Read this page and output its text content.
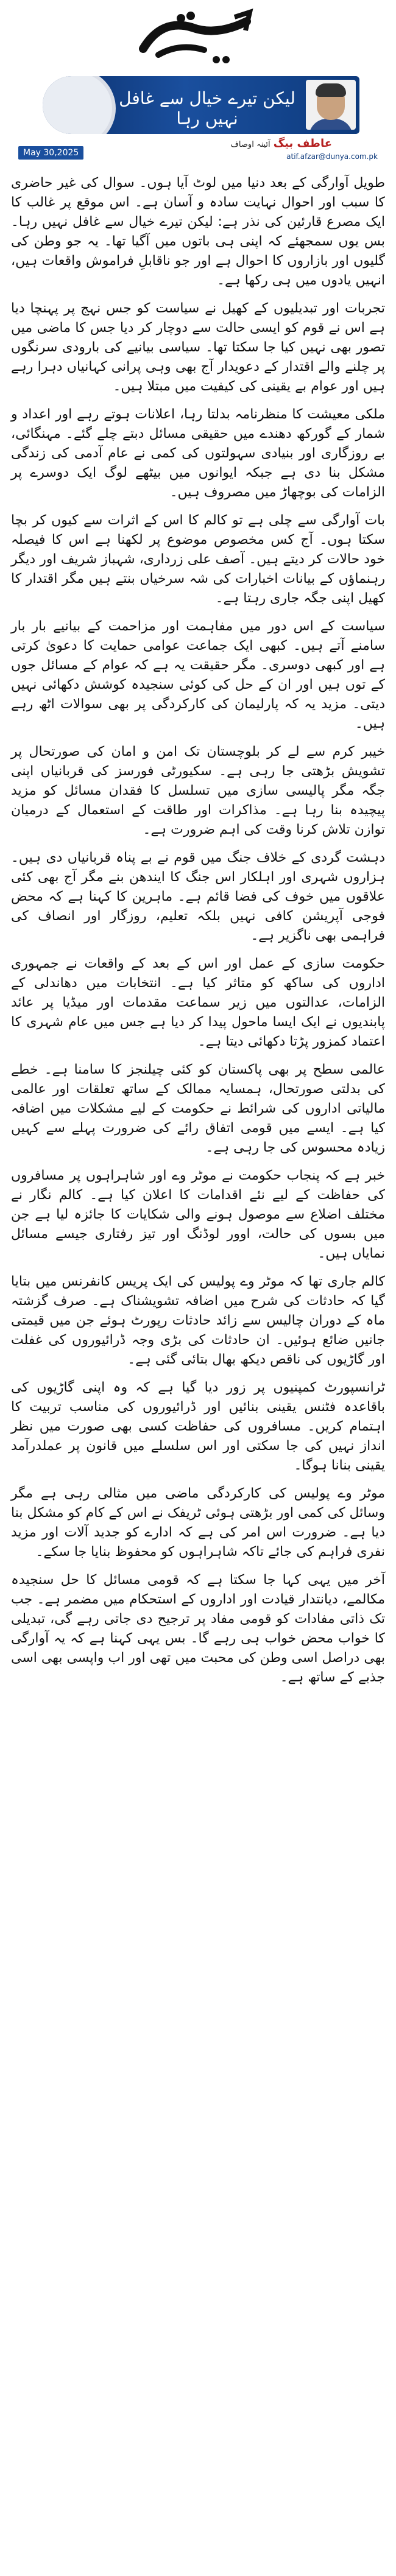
لیکن تیرے خیال سے غافل نہیں رہا
عاطف بیگ آئینہ اوصاف
atif.afzar@dunya.com.pk
May 30,2025

طویل آوارگی کے بعد دنیا میں لوٹ آیا ہوں۔ سوال کی غیر حاضری کا سبب اور احوال نہایت سادہ و آسان ہے۔ اس موقع پر غالب کا ایک مصرع قارئین کی نذر ہے: لیکن تیرے خیال سے غافل نہیں رہا۔ بس یوں سمجھئے کہ اپنی ہی باتوں میں آگیا تھا۔ یہ جو وطن کی گلیوں اور بازاروں کا احوال ہے اور جو ناقابلِ فراموش واقعات ہیں، انہیں یادوں میں ہی رکھا ہے۔

تجربات اور تبدیلیوں کے کھیل نے سیاست کو جس نہج پر پہنچا دیا ہے اس نے قوم کو ایسی حالت سے دوچار کر دیا جس کا ماضی میں تصور بھی نہیں کیا جا سکتا تھا۔ سیاسی بیانیے کی بارودی سرنگوں پر چلنے والے اقتدار کے دعویدار آج بھی وہی پرانی کہانیاں دہرا رہے ہیں اور عوام بے یقینی کی کیفیت میں مبتلا ہیں۔

ملکی معیشت کا منظرنامہ بدلتا رہا، اعلانات ہوتے رہے اور اعداد و شمار کے گورکھ دھندے میں حقیقی مسائل دبتے چلے گئے۔ مہنگائی، بے روزگاری اور بنیادی سہولتوں کی کمی نے عام آدمی کی زندگی مشکل بنا دی ہے جبکہ ایوانوں میں بیٹھے لوگ ایک دوسرے پر الزامات کی بوچھاڑ میں مصروف ہیں۔

بات آوارگی سے چلی ہے تو کالم کا اس کے اثرات سے کیوں کر بچا سکتا ہوں۔ آج کس مخصوص موضوع پر لکھنا ہے اس کا فیصلہ خود حالات کر دیتے ہیں۔ آصف علی زرداری، شہباز شریف اور دیگر رہنماؤں کے بیانات اخبارات کی شہ سرخیاں بنتے ہیں مگر اقتدار کا کھیل اپنی جگہ جاری رہتا ہے۔

سیاست کے اس دور میں مفاہمت اور مزاحمت کے بیانیے بار بار سامنے آتے ہیں۔ کبھی ایک جماعت عوامی حمایت کا دعویٰ کرتی ہے اور کبھی دوسری۔ مگر حقیقت یہ ہے کہ عوام کے مسائل جوں کے توں ہیں اور ان کے حل کی کوئی سنجیدہ کوشش دکھائی نہیں دیتی۔ مزید یہ کہ پارلیمان کی کارکردگی پر بھی سوالات اٹھ رہے ہیں۔

خیبر کرم سے لے کر بلوچستان تک امن و امان کی صورتحال پر تشویش بڑھتی جا رہی ہے۔ سکیورٹی فورسز کی قربانیاں اپنی جگہ مگر پالیسی سازی میں تسلسل کا فقدان مسائل کو مزید پیچیدہ بنا رہا ہے۔ مذاکرات اور طاقت کے استعمال کے درمیان توازن تلاش کرنا وقت کی اہم ضرورت ہے۔

دہشت گردی کے خلاف جنگ میں قوم نے بے پناہ قربانیاں دی ہیں۔ ہزاروں شہری اور اہلکار اس جنگ کا ایندھن بنے مگر آج بھی کئی علاقوں میں خوف کی فضا قائم ہے۔ ماہرین کا کہنا ہے کہ محض فوجی آپریشن کافی نہیں بلکہ تعلیم، روزگار اور انصاف کی فراہمی بھی ناگزیر ہے۔

حکومت سازی کے عمل اور اس کے بعد کے واقعات نے جمہوری اداروں کی ساکھ کو متاثر کیا ہے۔ انتخابات میں دھاندلی کے الزامات، عدالتوں میں زیر سماعت مقدمات اور میڈیا پر عائد پابندیوں نے ایک ایسا ماحول پیدا کر دیا ہے جس میں عام شہری کا اعتماد کمزور پڑتا دکھائی دیتا ہے۔

عالمی سطح پر بھی پاکستان کو کئی چیلنجز کا سامنا ہے۔ خطے کی بدلتی صورتحال، ہمسایہ ممالک کے ساتھ تعلقات اور عالمی مالیاتی اداروں کی شرائط نے حکومت کے لیے مشکلات میں اضافہ کیا ہے۔ ایسے میں قومی اتفاق رائے کی ضرورت پہلے سے کہیں زیادہ محسوس کی جا رہی ہے۔

خبر ہے کہ پنجاب حکومت نے موٹر وے اور شاہراہوں پر مسافروں کی حفاظت کے لیے نئے اقدامات کا اعلان کیا ہے۔ کالم نگار نے مختلف اضلاع سے موصول ہونے والی شکایات کا جائزہ لیا ہے جن میں بسوں کی حالت، اوور لوڈنگ اور تیز رفتاری جیسے مسائل نمایاں ہیں۔

کالم جاری تھا کہ موٹر وے پولیس کی ایک پریس کانفرنس میں بتایا گیا کہ حادثات کی شرح میں اضافہ تشویشناک ہے۔ صرف گزشتہ ماہ کے دوران چالیس سے زائد حادثات رپورٹ ہوئے جن میں قیمتی جانیں ضائع ہوئیں۔ ان حادثات کی بڑی وجہ ڈرائیوروں کی غفلت اور گاڑیوں کی ناقص دیکھ بھال بتائی گئی ہے۔

ٹرانسپورٹ کمپنیوں پر زور دیا گیا ہے کہ وہ اپنی گاڑیوں کی باقاعدہ فٹنس یقینی بنائیں اور ڈرائیوروں کی مناسب تربیت کا اہتمام کریں۔ مسافروں کی حفاظت کسی بھی صورت میں نظر انداز نہیں کی جا سکتی اور اس سلسلے میں قانون پر عملدرآمد یقینی بنانا ہوگا۔

موٹر وے پولیس کی کارکردگی ماضی میں مثالی رہی ہے مگر وسائل کی کمی اور بڑھتی ہوئی ٹریفک نے اس کے کام کو مشکل بنا دیا ہے۔ ضرورت اس امر کی ہے کہ ادارے کو جدید آلات اور مزید نفری فراہم کی جائے تاکہ شاہراہوں کو محفوظ بنایا جا سکے۔

آخر میں یہی کہا جا سکتا ہے کہ قومی مسائل کا حل سنجیدہ مکالمے، دیانتدار قیادت اور اداروں کے استحکام میں مضمر ہے۔ جب تک ذاتی مفادات کو قومی مفاد پر ترجیح دی جاتی رہے گی، تبدیلی کا خواب محض خواب ہی رہے گا۔ بس یہی کہنا ہے کہ یہ آوارگی بھی دراصل اسی وطن کی محبت میں تھی اور اب واپسی بھی اسی جذبے کے ساتھ ہے۔
